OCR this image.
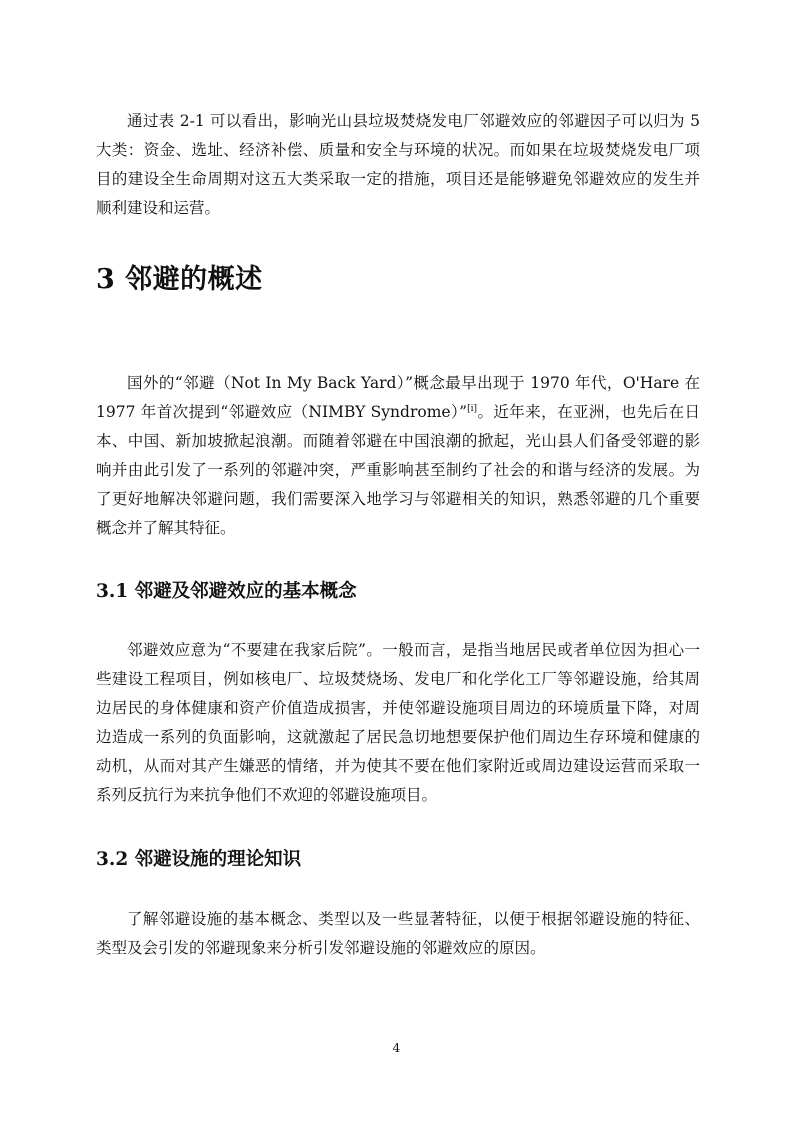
通过表 2-1 可以看出，影响光山县垃圾焚烧发电厂邻避效应的邻避因子可以归为 5 大类：资金、选址、经济补偿、质量和安全与环境的状况。而如果在垃圾焚烧发电厂项目的建设全生命周期对这五大类采取一定的措施，项目还是能够避免邻避效应的发生并顺利建设和运营。

3 邻避的概述

国外的“邻避（Not In My Back Yard）”概念最早出现于 1970 年代，O'Hare 在 1977 年首次提到“邻避效应（NIMBY Syndrome）”[i]。近年来，在亚洲，也先后在日本、中国、新加坡掀起浪潮。而随着邻避在中国浪潮的掀起，光山县人们备受邻避的影响并由此引发了一系列的邻避冲突，严重影响甚至制约了社会的和谐与经济的发展。为了更好地解决邻避问题，我们需要深入地学习与邻避相关的知识，熟悉邻避的几个重要概念并了解其特征。

3.1 邻避及邻避效应的基本概念

邻避效应意为“不要建在我家后院”。一般而言，是指当地居民或者单位因为担心一些建设工程项目，例如核电厂、垃圾焚烧场、发电厂和化学化工厂等邻避设施，给其周边居民的身体健康和资产价值造成损害，并使邻避设施项目周边的环境质量下降，对周边造成一系列的负面影响，这就激起了居民急切地想要保护他们周边生存环境和健康的动机，从而对其产生嫌恶的情绪，并为使其不要在他们家附近或周边建设运营而采取一系列反抗行为来抗争他们不欢迎的邻避设施项目。

3.2 邻避设施的理论知识

了解邻避设施的基本概念、类型以及一些显著特征，以便于根据邻避设施的特征、类型及会引发的邻避现象来分析引发邻避设施的邻避效应的原因。

4
